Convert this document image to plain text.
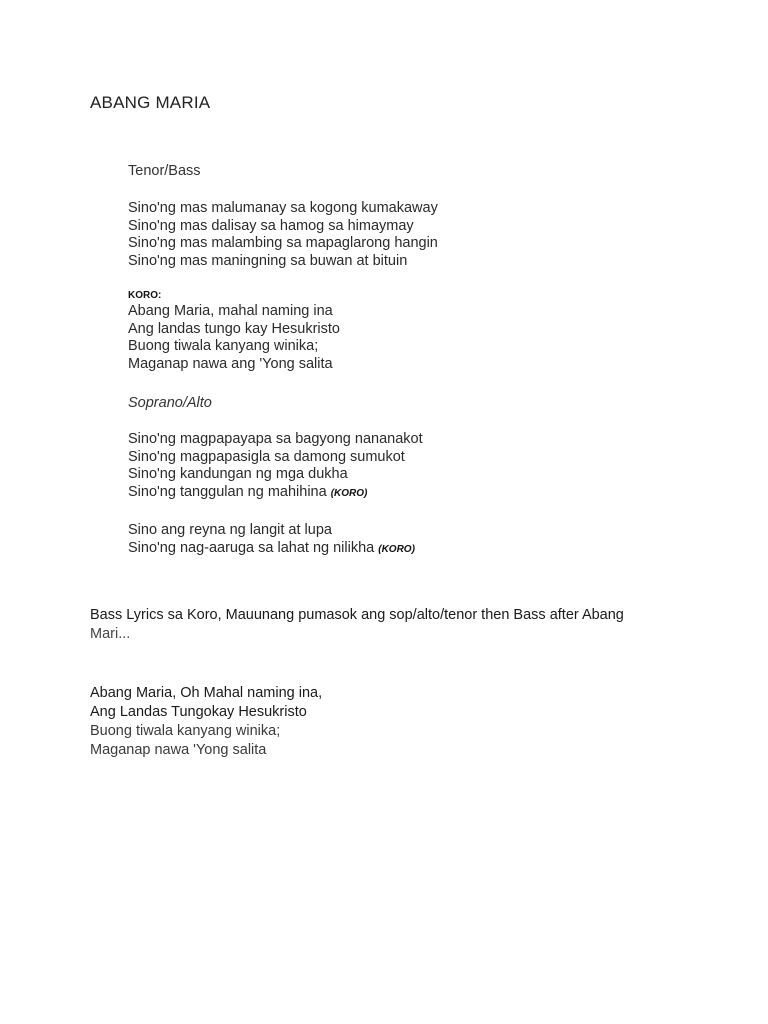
ABANG MARIA
Tenor/Bass
Sino'ng mas malumanay sa kogong kumakaway
Sino'ng mas dalisay sa hamog sa himaymay
Sino'ng mas malambing sa mapaglarong hangin
Sino'ng mas maningning sa buwan at bituin
KORO:
Abang Maria, mahal naming ina
Ang landas tungo kay Hesukristo
Buong tiwala kanyang winika;
Maganap nawa ang 'Yong salita
Soprano/Alto
Sino'ng magpapayapa sa bagyong nananakot
Sino'ng magpapasigla sa damong sumukot
Sino'ng kandungan ng mga dukha
Sino'ng tanggulan ng mahihina (KORO)
Sino ang reyna ng langit at lupa
Sino'ng nag-aaruga sa lahat ng nilikha (KORO)
Bass Lyrics sa Koro, Mauunang pumasok ang sop/alto/tenor then Bass after Abang
Mari...
Abang Maria, Oh Mahal naming ina,
Ang Landas Tungokay Hesukristo
Buong tiwala kanyang winika;
Maganap nawa 'Yong salita
